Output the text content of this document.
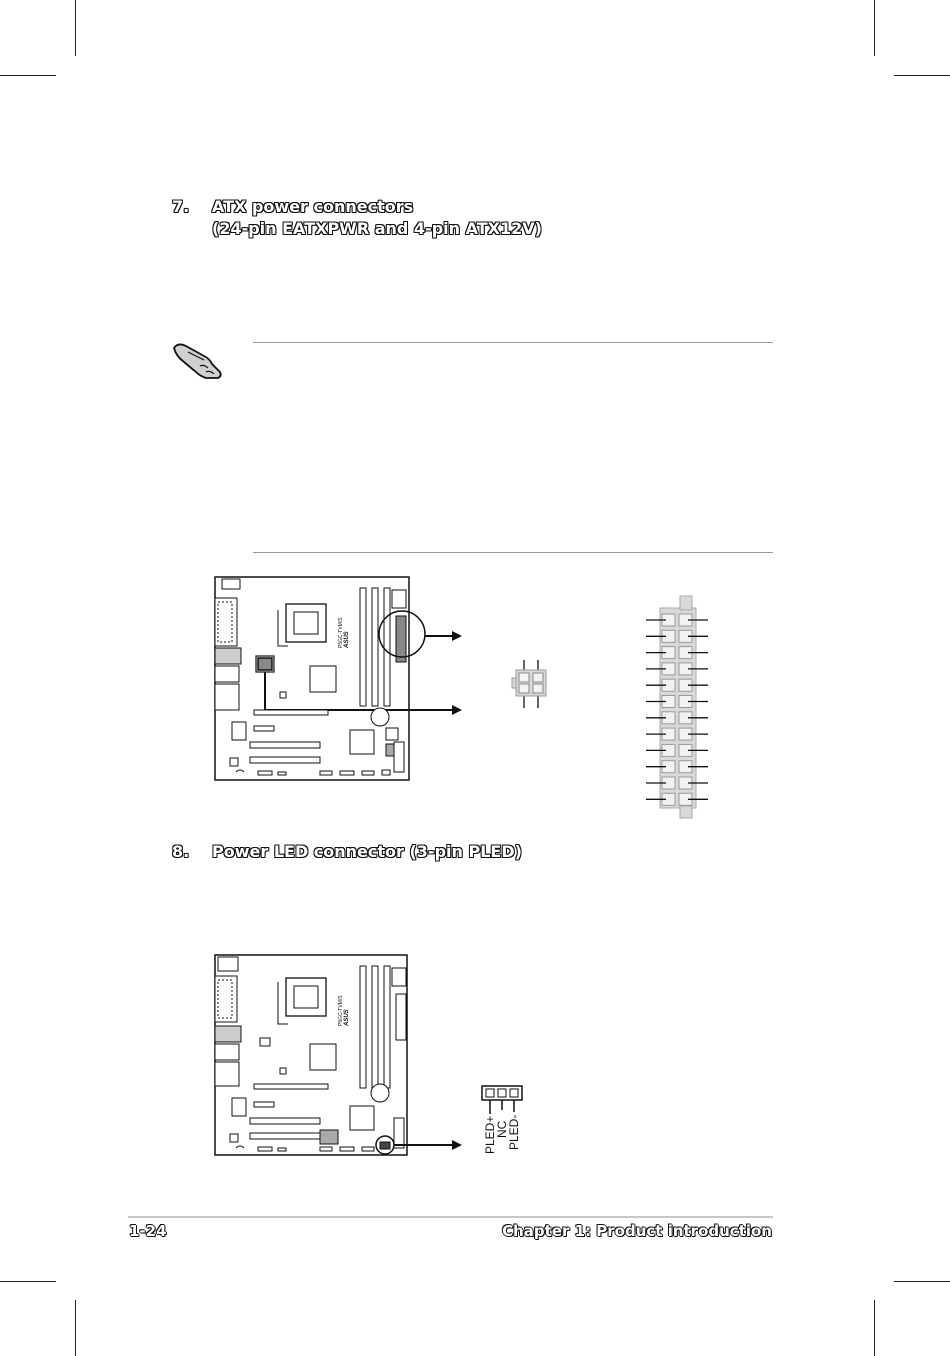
7. ATX power connectors
(24-pin EATXPWR and 4-pin ATX12V)
P5GC-TVM/S ASUS
8. Power LED connector (3-pin PLED)
P5GC-TVM/S ASUS
PLED+
NC
PLED-
1-24	Chapter 1: Product introduction
